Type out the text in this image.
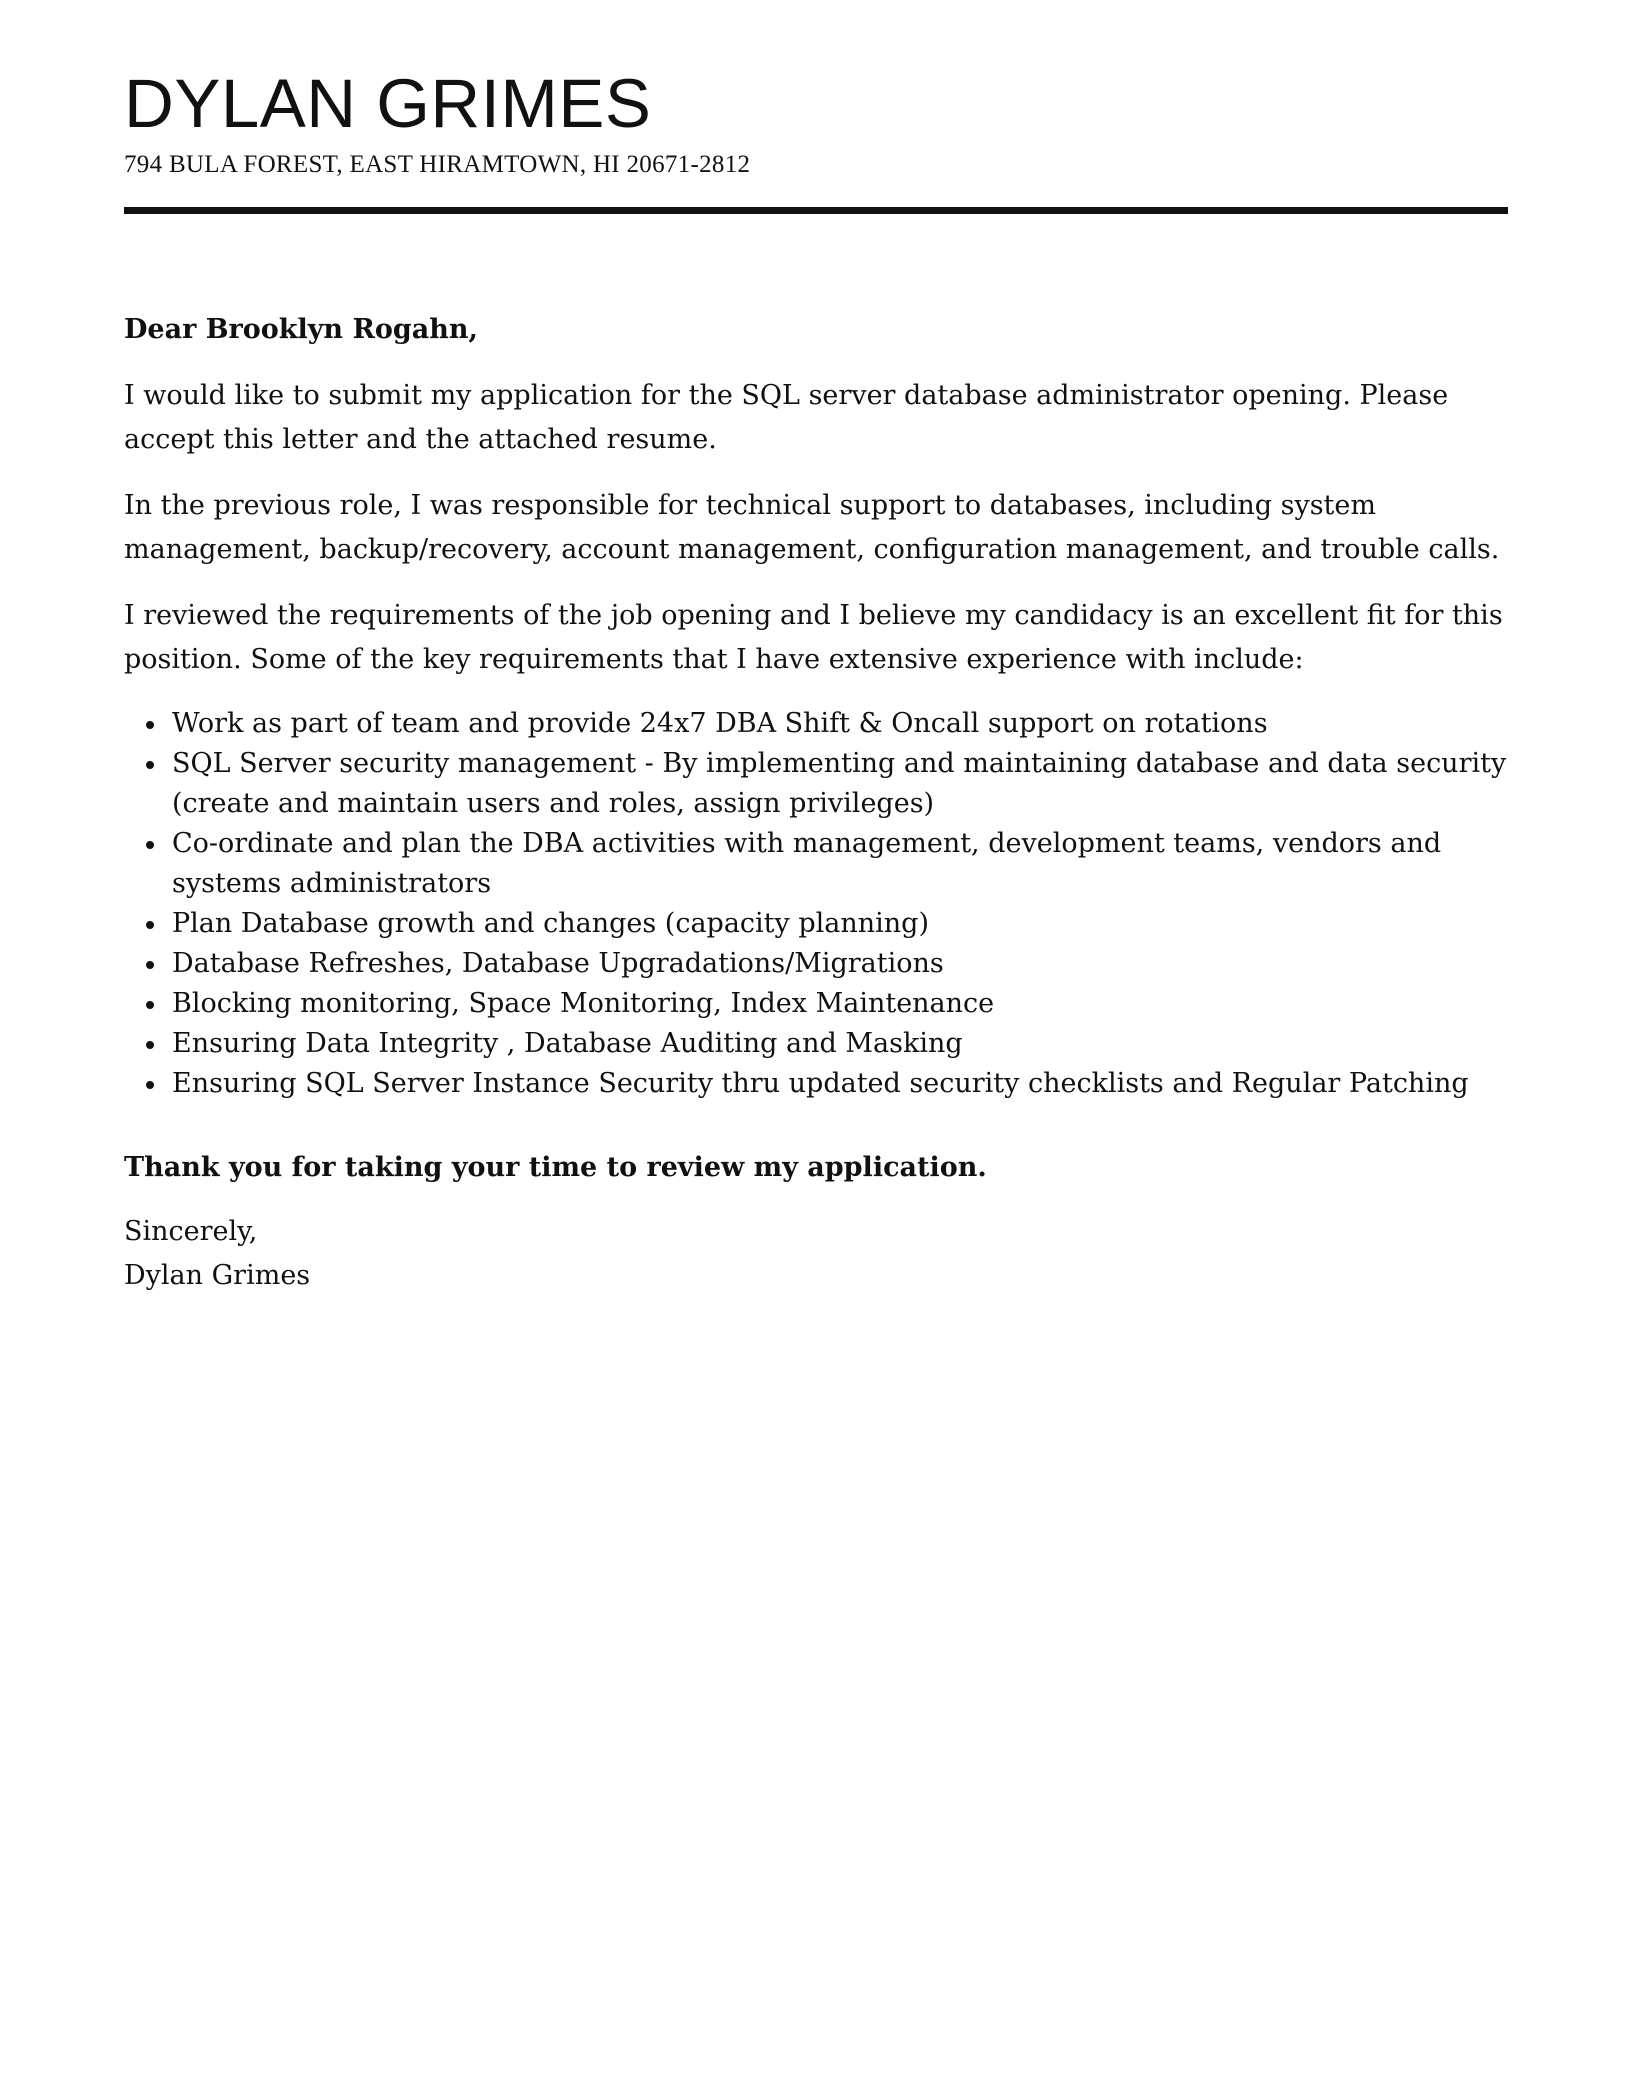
DYLAN GRIMES
794 BULA FOREST, EAST HIRAMTOWN, HI 20671-2812

Dear Brooklyn Rogahn,

I would like to submit my application for the SQL server database administrator opening. Please accept this letter and the attached resume.

In the previous role, I was responsible for technical support to databases, including system management, backup/recovery, account management, configuration management, and trouble calls.

I reviewed the requirements of the job opening and I believe my candidacy is an excellent fit for this position. Some of the key requirements that I have extensive experience with include:

Work as part of team and provide 24x7 DBA Shift & Oncall support on rotations
SQL Server security management - By implementing and maintaining database and data security (create and maintain users and roles, assign privileges)
Co-ordinate and plan the DBA activities with management, development teams, vendors and systems administrators
Plan Database growth and changes (capacity planning)
Database Refreshes, Database Upgradations/Migrations
Blocking monitoring, Space Monitoring, Index Maintenance
Ensuring Data Integrity , Database Auditing and Masking
Ensuring SQL Server Instance Security thru updated security checklists and Regular Patching

Thank you for taking your time to review my application.

Sincerely,
Dylan Grimes
